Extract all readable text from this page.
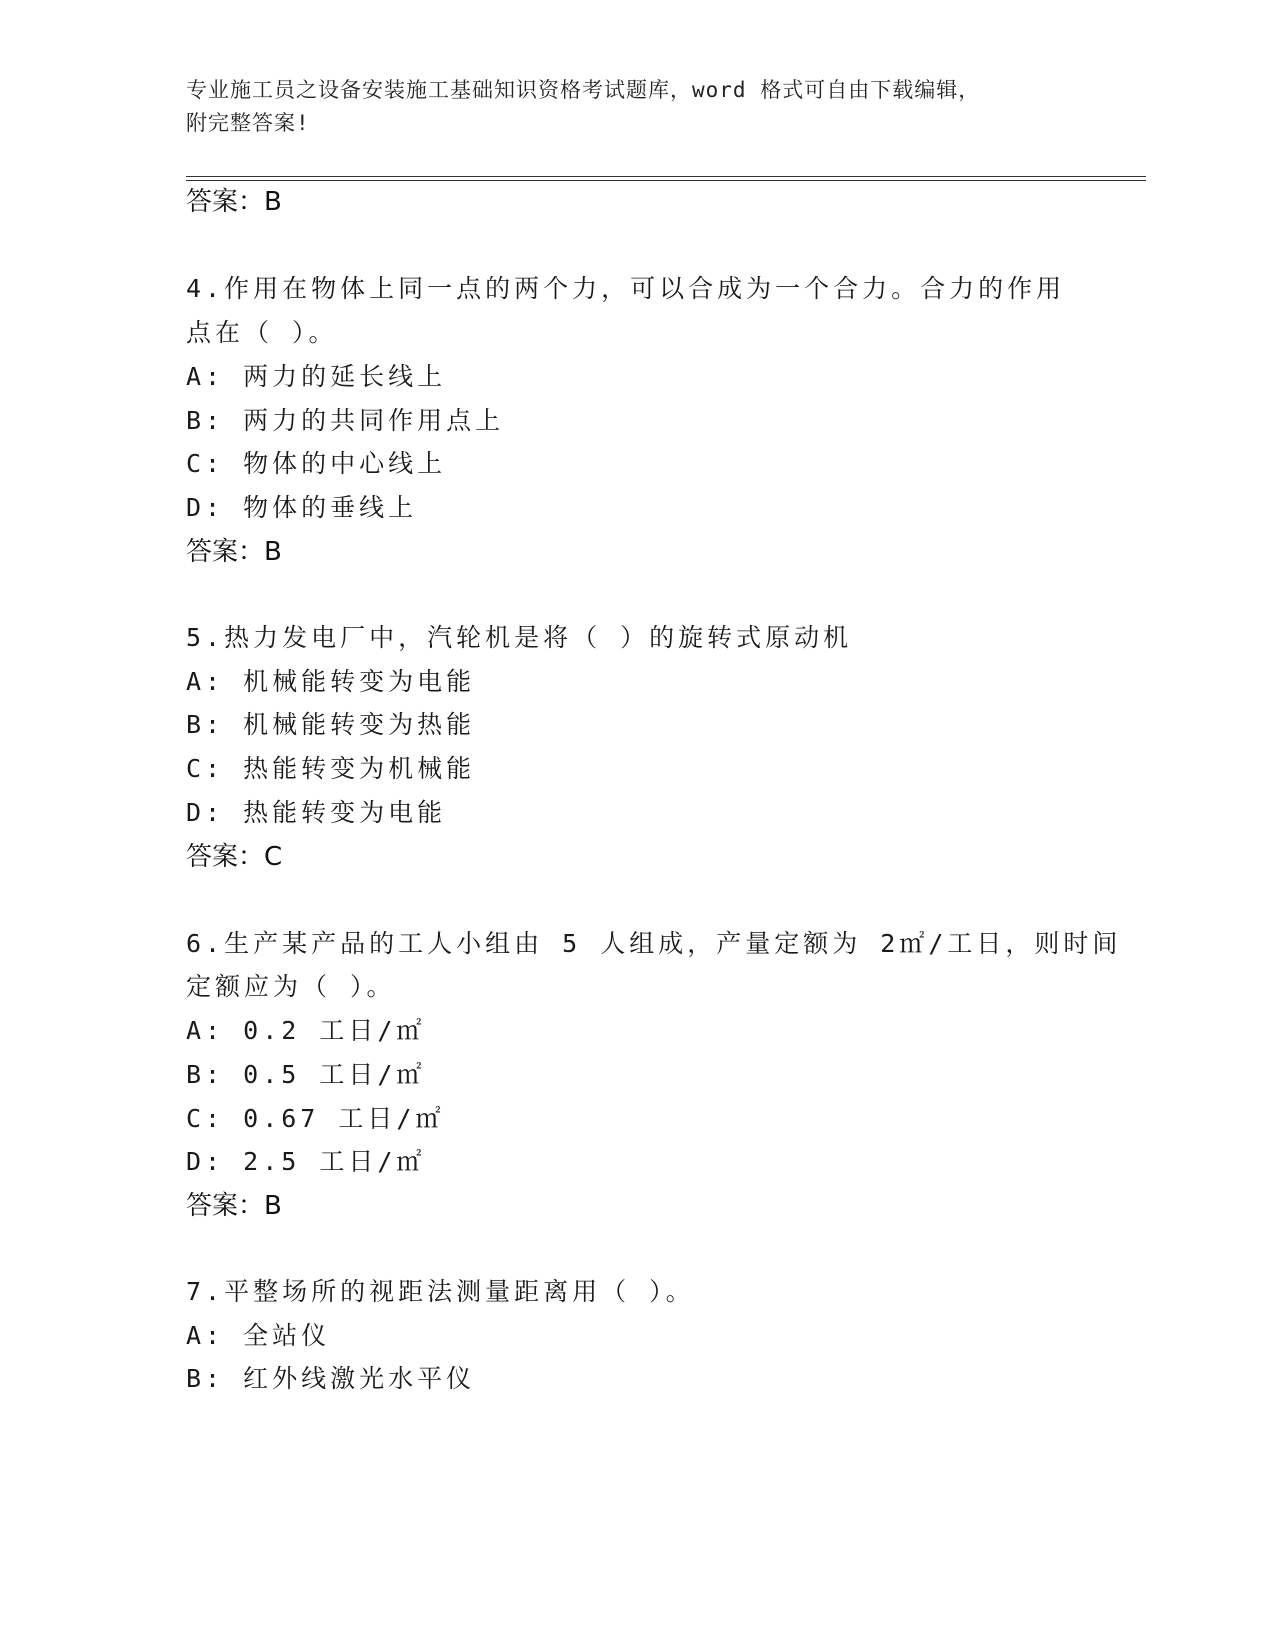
专业施工员之设备安装施工基础知识资格考试题库，word 格式可自由下载编辑，
附完整答案!
答案：B
4.作用在物体上同一点的两个力，可以合成为一个合力。合力的作用
点在（ ）。
A: 两力的延长线上
B: 两力的共同作用点上
C: 物体的中心线上
D: 物体的垂线上
答案：B
5.热力发电厂中，汽轮机是将（ ）的旋转式原动机
A: 机械能转变为电能
B: 机械能转变为热能
C: 热能转变为机械能
D: 热能转变为电能
答案：C
6.生产某产品的工人小组由 5 人组成，产量定额为 2㎡/工日，则时间
定额应为（ ）。
A: 0.2 工日/㎡
B: 0.5 工日/㎡
C: 0.67 工日/㎡
D: 2.5 工日/㎡
答案：B
7.平整场所的视距法测量距离用（ ）。
A: 全站仪
B: 红外线激光水平仪
